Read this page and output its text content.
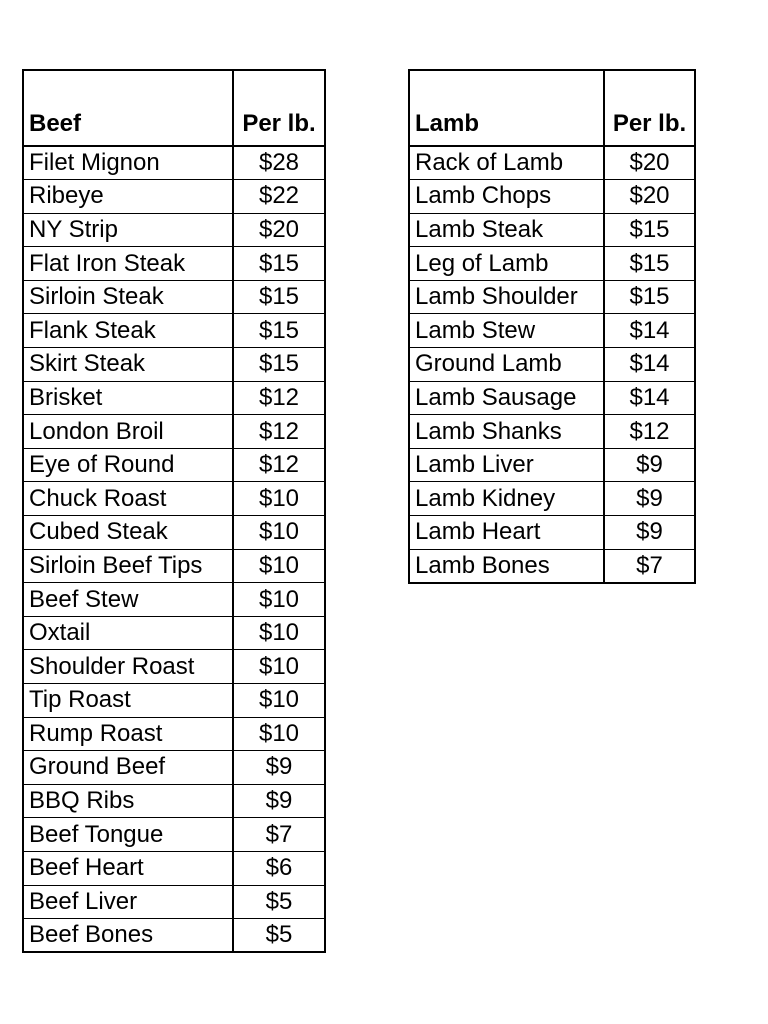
Beef	Per lb.
Filet Mignon	$28
Ribeye	$22
NY Strip	$20
Flat Iron Steak	$15
Sirloin Steak	$15
Flank Steak	$15
Skirt Steak	$15
Brisket	$12
London Broil	$12
Eye of Round	$12
Chuck Roast	$10
Cubed Steak	$10
Sirloin Beef Tips	$10
Beef Stew	$10
Oxtail	$10
Shoulder Roast	$10
Tip Roast	$10
Rump Roast	$10
Ground Beef	$9
BBQ Ribs	$9
Beef Tongue	$7
Beef Heart	$6
Beef Liver	$5
Beef Bones	$5
Lamb	Per lb.
Rack of Lamb	$20
Lamb Chops	$20
Lamb Steak	$15
Leg of Lamb	$15
Lamb Shoulder	$15
Lamb Stew	$14
Ground Lamb	$14
Lamb Sausage	$14
Lamb Shanks	$12
Lamb Liver	$9
Lamb Kidney	$9
Lamb Heart	$9
Lamb Bones	$7
